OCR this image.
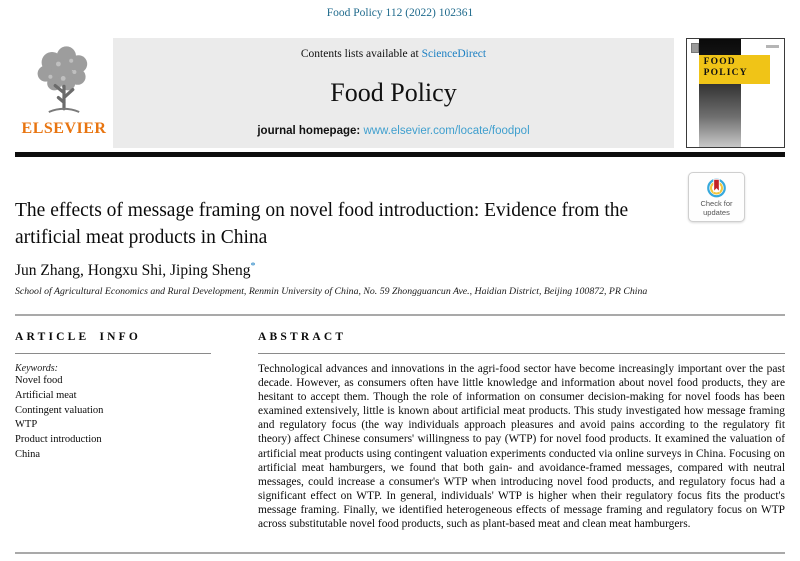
Food Policy 112 (2022) 102361
ELSEVIER
Contents lists available at ScienceDirect
Food Policy
journal homepage: www.elsevier.com/locate/foodpol
FOOD POLICY
Check for
updates
The effects of message framing on novel food introduction: Evidence from the artificial meat products in China
Jun Zhang, Hongxu Shi, Jiping Sheng*
School of Agricultural Economics and Rural Development, Renmin University of China, No. 59 Zhongguancun Ave., Haidian District, Beijing 100872, PR China
ARTICLE INFO
Keywords:
Novel food
Artificial meat
Contingent valuation
WTP
Product introduction
China
ABSTRACT
Technological advances and innovations in the agri-food sector have become increasingly important over the past decade. However, as consumers often have little knowledge and information about novel food products, they are hesitant to accept them. Though the role of information on consumer decision-making for novel foods has been examined extensively, little is known about artificial meat products. This study investigated how message framing and regulatory focus (the way individuals approach pleasures and avoid pains according to the regulatory fit theory) affect Chinese consumers' willingness to pay (WTP) for novel food products. It examined the valuation of artificial meat products using contingent valuation experiments conducted via online surveys in China. Focusing on artificial meat hamburgers, we found that both gain- and avoidance-framed messages, compared with neutral messages, could increase a consumer's WTP when introducing novel food products, and regulatory focus had a significant effect on WTP. In general, individuals' WTP is higher when their regulatory focus fits the product's message framing. Finally, we identified heterogeneous effects of message framing and regulatory focus on WTP across substitutable novel food products, such as plant-based meat and clean meat hamburgers.
